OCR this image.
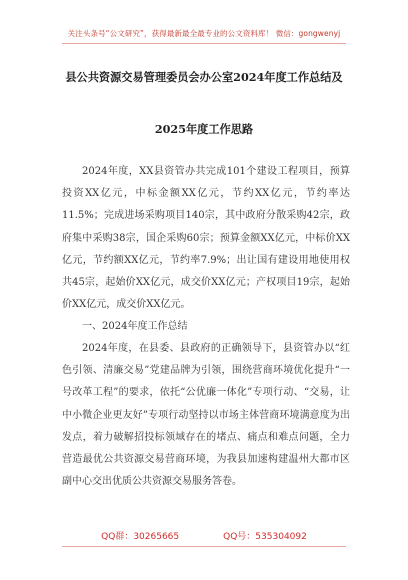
关注头条号“公文研究”，获得最新最全最专业的公文资料库！ 微信：gongwenyj
县公共资源交易管理委员会办公室2024年度工作总结及
2025年度工作思路

2024年度，XX县资管办共完成101个建设工程项目，预算投资XX亿元，中标金额XX亿元，节约XX亿元，节约率达11.5%；完成进场采购项目140宗，其中政府分散采购42宗，政府集中采购38宗，国企采购60宗；预算金额XX亿元，中标价XX亿元，节约额XX亿元，节约率7.9%；出让国有建设用地使用权共45宗，起始价XX亿元，成交价XX亿元；产权项目19宗，起始价XX亿元，成交价XX亿元。

一、2024年度工作总结

2024年度，在县委、县政府的正确领导下，县资管办以“红色引领、清廉交易”党建品牌为引领，围绕营商环境优化提升“一号改革工程”的要求，依托“公优廉一体化”专项行动、“交易，让中小微企业更友好”专项行动坚持以市场主体营商环境满意度为出发点，着力破解招投标领域存在的堵点、痛点和难点问题，全力营造最优公共资源交易营商环境，为我县加速构建温州大都市区副中心交出优质公共资源交易服务答卷。

QQ群：30265665	QQ号：535304092
